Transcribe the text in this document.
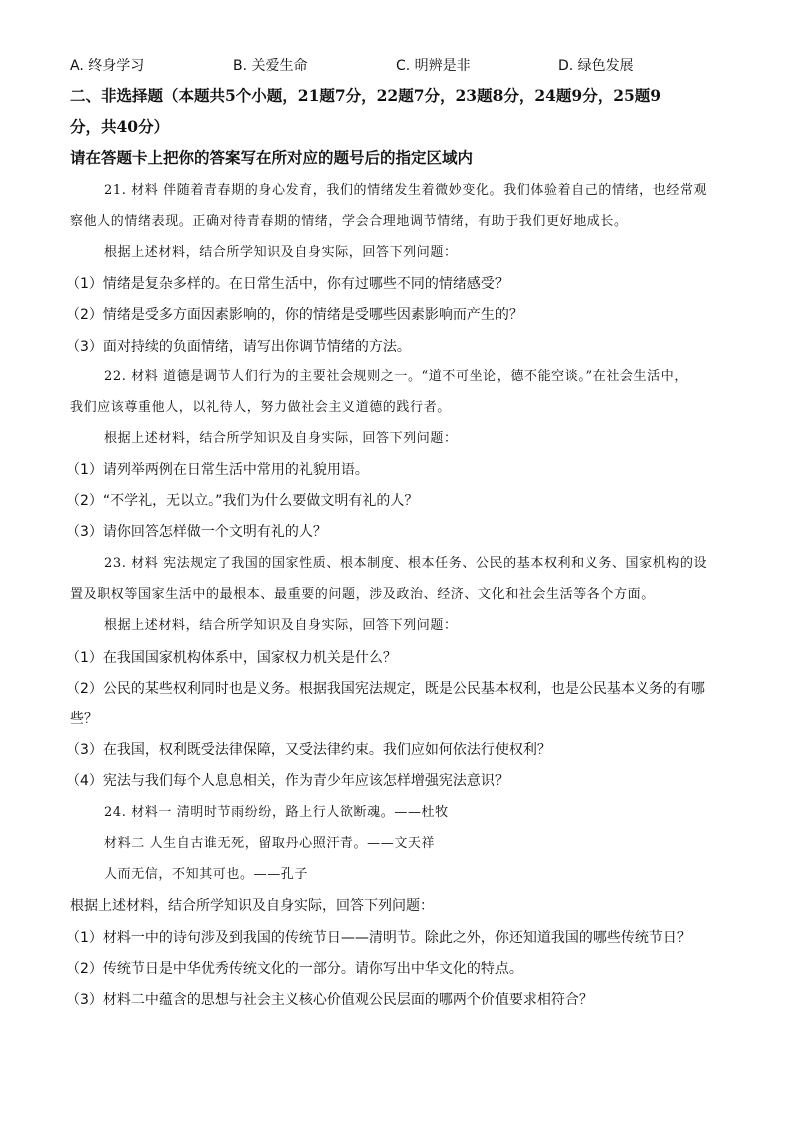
A. 终身学习	B. 关爱生命	C. 明辨是非	D. 绿色发展
二、非选择题（本题共5个小题，21题7分，22题7分，23题8分，24题9分，25题9
分，共40分）
请在答题卡上把你的答案写在所对应的题号后的指定区域内
21. 材料 伴随着青春期的身心发育，我们的情绪发生着微妙变化。我们体验着自己的情绪，也经常观
察他人的情绪表现。正确对待青春期的情绪，学会合理地调节情绪，有助于我们更好地成长。
根据上述材料，结合所学知识及自身实际，回答下列问题：
（1）情绪是复杂多样的。在日常生活中，你有过哪些不同的情绪感受？
（2）情绪是受多方面因素影响的，你的情绪是受哪些因素影响而产生的？
（3）面对持续的负面情绪，请写出你调节情绪的方法。
22. 材料 道德是调节人们行为的主要社会规则之一。“道不可坐论，德不能空谈。”在社会生活中，
我们应该尊重他人，以礼待人，努力做社会主义道德的践行者。
根据上述材料，结合所学知识及自身实际，回答下列问题：
（1）请列举两例在日常生活中常用的礼貌用语。
（2）“不学礼，无以立。”我们为什么要做文明有礼的人？
（3）请你回答怎样做一个文明有礼的人？
23. 材料 宪法规定了我国的国家性质、根本制度、根本任务、公民的基本权利和义务、国家机构的设
置及职权等国家生活中的最根本、最重要的问题，涉及政治、经济、文化和社会生活等各个方面。
根据上述材料，结合所学知识及自身实际，回答下列问题：
（1）在我国国家机构体系中，国家权力机关是什么？
（2）公民的某些权利同时也是义务。根据我国宪法规定，既是公民基本权利，也是公民基本义务的有哪
些？
（3）在我国，权利既受法律保障，又受法律约束。我们应如何依法行使权利？
（4）宪法与我们每个人息息相关，作为青少年应该怎样增强宪法意识？
24. 材料一 清明时节雨纷纷，路上行人欲断魂。——杜牧
材料二 人生自古谁无死，留取丹心照汗青。——文天祥
人而无信，不知其可也。——孔子
根据上述材料，结合所学知识及自身实际，回答下列问题：
（1）材料一中的诗句涉及到我国的传统节日——清明节。除此之外，你还知道我国的哪些传统节日？
（2）传统节日是中华优秀传统文化的一部分。请你写出中华文化的特点。
（3）材料二中蕴含的思想与社会主义核心价值观公民层面的哪两个价值要求相符合？
